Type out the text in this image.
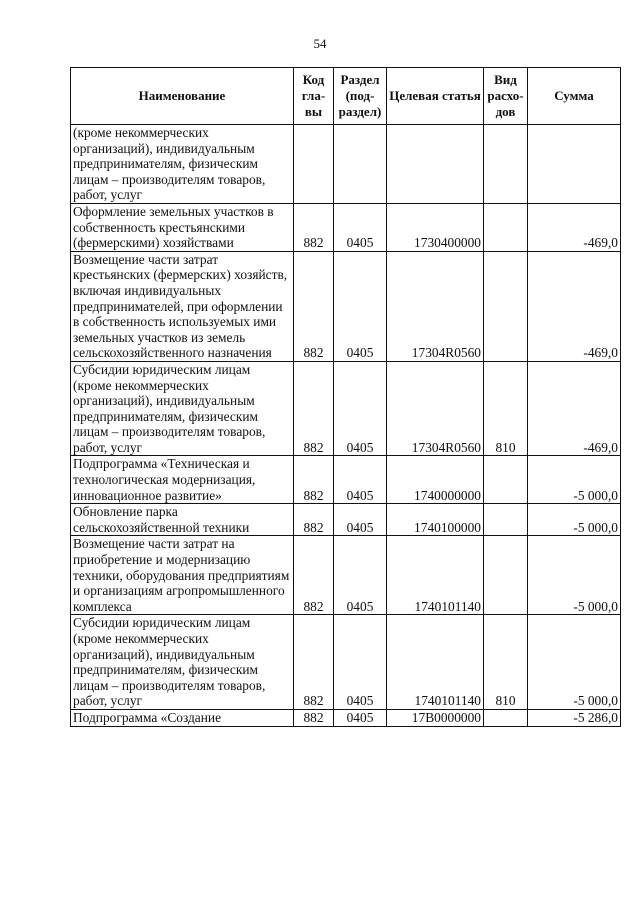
54
Наименование	Код гла-вы	Раздел (под-раздел)	Целевая статья	Вид расхо-дов	Сумма
(кроме некоммерческих организаций), индивидуальным предпринимателям, физическим лицам – производителям товаров, работ, услуг					
Оформление земельных участков в собственность крестьянскими (фермерскими) хозяйствами	882	0405	1730400000		-469,0
Возмещение части затрат крестьянских (фермерских) хозяйств, включая индивидуальных предпринимателей, при оформлении в собственность используемых ими земельных участков из земель сельскохозяйственного назначения	882	0405	17304R0560		-469,0
Субсидии юридическим лицам (кроме некоммерческих организаций), индивидуальным предпринимателям, физическим лицам – производителям товаров, работ, услуг	882	0405	17304R0560	810	-469,0
Подпрограмма «Техническая и технологическая модернизация, инновационное развитие»	882	0405	1740000000		-5 000,0
Обновление парка сельскохозяйственной техники	882	0405	1740100000		-5 000,0
Возмещение части затрат на приобретение и модернизацию техники, оборудования предприятиям и организациям агропромышленного комплекса	882	0405	1740101140		-5 000,0
Субсидии юридическим лицам (кроме некоммерческих организаций), индивидуальным предпринимателям, физическим лицам – производителям товаров, работ, услуг	882	0405	1740101140	810	-5 000,0
Подпрограмма «Создание	882	0405	17В0000000		-5 286,0
